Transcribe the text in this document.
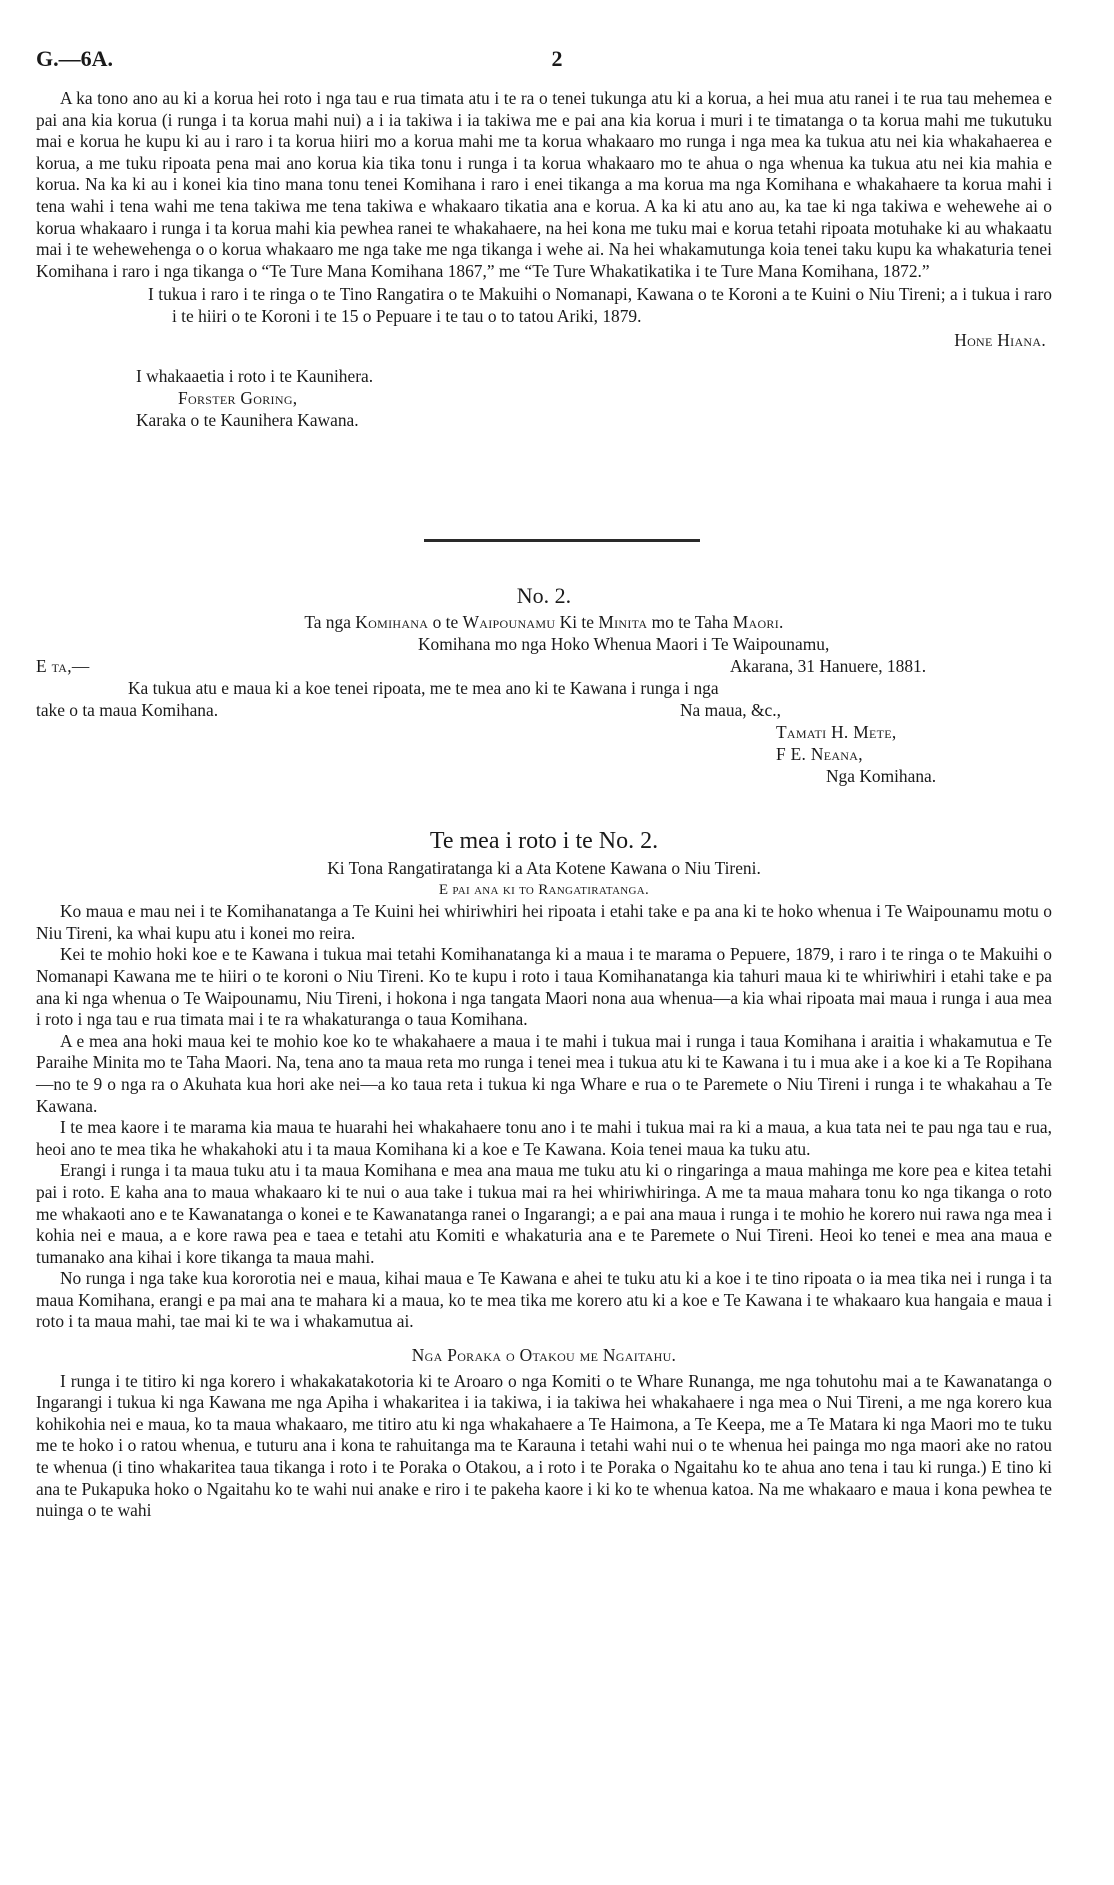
G.—6A.	2

A ka tono ano au ki a korua hei roto i nga tau e rua timata atu i te ra o tenei tukunga atu ki a korua, a hei mua atu ranei i te rua tau mehemea e pai ana kia korua (i runga i ta korua mahi nui) a i ia takiwa i ia takiwa me e pai ana kia korua i muri i te timatanga o ta korua mahi me tukutuku mai e korua he kupu ki au i raro i ta korua hiiri mo a korua mahi me ta korua whakaaro mo runga i nga mea ka tukua atu nei kia whakahaerea e korua, a me tuku ripoata pena mai ano korua kia tika tonu i runga i ta korua whakaaro mo te ahua o nga whenua ka tukua atu nei kia mahia e korua. Na ka ki au i konei kia tino mana tonu tenei Komihana i raro i enei tikanga a ma korua ma nga Komihana e whakahaere ta korua mahi i tena wahi i tena wahi me tena takiwa me tena takiwa e whakaaro tikatia ana e korua. A ka ki atu ano au, ka tae ki nga takiwa e wehewehe ai o korua whakaaro i runga i ta korua mahi kia pewhea ranei te whakahaere, na hei kona me tuku mai e korua tetahi ripoata motuhake ki au whakaatu mai i te wehewehenga o o korua whakaaro me nga take me nga tikanga i wehe ai. Na hei whakamutunga koia tenei taku kupu ka whakaturia tenei Komihana i raro i nga tikanga o “Te Ture Mana Komihana 1867,” me “Te Ture Whakatikatika i te Ture Mana Komihana, 1872.”

I tukua i raro i te ringa o te Tino Rangatira o te Makuihi o Nomanapi, Kawana o te Koroni a te Kuini o Niu Tireni; a i tukua i raro i te hiiri o te Koroni i te 15 o Pepuare i te tau o to tatou Ariki, 1879.

Hone Hiana.
I whakaaetia i roto i te Kaunihera.
Forster Goring,
Karaka o te Kaunihera Kawana.

No. 2.

Ta nga Komihana o te Waipounamu Ki te Minita mo te Taha Maori.

Komihana mo nga Hoko Whenua Maori i Te Waipounamu,
E ta,—	Akarana, 31 Hanuere, 1881.
Ka tukua atu e maua ki a koe tenei ripoata, me te mea ano ki te Kawana i runga i nga
take o ta maua Komihana.	Na maua, &c.,
Tamati H. Mete,
F E. Neana,
Nga Komihana.

Te mea i roto i te No. 2.

Ki Tona Rangatiratanga ki a Ata Kotene Kawana o Niu Tireni.

E pai ana ki to Rangatiratanga.

Ko maua e mau nei i te Komihanatanga a Te Kuini hei whiriwhiri hei ripoata i etahi take e pa ana ki te hoko whenua i Te Waipounamu motu o Niu Tireni, ka whai kupu atu i konei mo reira.

Kei te mohio hoki koe e te Kawana i tukua mai tetahi Komihanatanga ki a maua i te marama o Pepuere, 1879, i raro i te ringa o te Makuihi o Nomanapi Kawana me te hiiri o te koroni o Niu Tireni. Ko te kupu i roto i taua Komihanatanga kia tahuri maua ki te whiriwhiri i etahi take e pa ana ki nga whenua o Te Waipounamu, Niu Tireni, i hokona i nga tangata Maori nona aua whenua—a kia whai ripoata mai maua i runga i aua mea i roto i nga tau e rua timata mai i te ra whakaturanga o taua Komihana.

A e mea ana hoki maua kei te mohio koe ko te whakahaere a maua i te mahi i tukua mai i runga i taua Komihana i araitia i whakamutua e Te Paraihe Minita mo te Taha Maori. Na, tena ano ta maua reta mo runga i tenei mea i tukua atu ki te Kawana i tu i mua ake i a koe ki a Te Ropihana—no te 9 o nga ra o Akuhata kua hori ake nei—a ko taua reta i tukua ki nga Whare e rua o te Paremete o Niu Tireni i runga i te whakahau a Te Kawana.

I te mea kaore i te marama kia maua te huarahi hei whakahaere tonu ano i te mahi i tukua mai ra ki a maua, a kua tata nei te pau nga tau e rua, heoi ano te mea tika he whakahoki atu i ta maua Komihana ki a koe e Te Kawana. Koia tenei maua ka tuku atu.

Erangi i runga i ta maua tuku atu i ta maua Komihana e mea ana maua me tuku atu ki o ringaringa a maua mahinga me kore pea e kitea tetahi pai i roto. E kaha ana to maua whakaaro ki te nui o aua take i tukua mai ra hei whiriwhiringa. A me ta maua mahara tonu ko nga tikanga o roto me whakaoti ano e te Kawanatanga o konei e te Kawanatanga ranei o Ingarangi; a e pai ana maua i runga i te mohio he korero nui rawa nga mea i kohia nei e maua, a e kore rawa pea e taea e tetahi atu Komiti e whakaturia ana e te Paremete o Nui Tireni. Heoi ko tenei e mea ana maua e tumanako ana kihai i kore tikanga ta maua mahi.

No runga i nga take kua kororotia nei e maua, kihai maua e Te Kawana e ahei te tuku atu ki a koe i te tino ripoata o ia mea tika nei i runga i ta maua Komihana, erangi e pa mai ana te mahara ki a maua, ko te mea tika me korero atu ki a koe e Te Kawana i te whakaaro kua hangaia e maua i roto i ta maua mahi, tae mai ki te wa i whakamutua ai.

Nga Poraka o Otakou me Ngaitahu.

I runga i te titiro ki nga korero i whakakatakotoria ki te Aroaro o nga Komiti o te Whare Runanga, me nga tohutohu mai a te Kawanatanga o Ingarangi i tukua ki nga Kawana me nga Apiha i whakaritea i ia takiwa, i ia takiwa hei whakahaere i nga mea o Nui Tireni, a me nga korero kua kohikohia nei e maua, ko ta maua whakaaro, me titiro atu ki nga whakahaere a Te Haimona, a Te Keepa, me a Te Matara ki nga Maori mo te tuku me te hoko i o ratou whenua, e tuturu ana i kona te rahuitanga ma te Karauna i tetahi wahi nui o te whenua hei painga mo nga maori ake no ratou te whenua (i tino whakaritea taua tikanga i roto i te Poraka o Otakou, a i roto i te Poraka o Ngaitahu ko te ahua ano tena i tau ki runga.) E tino ki ana te Pukapuka hoko o Ngaitahu ko te wahi nui anake e riro i te pakeha kaore i ki ko te whenua katoa. Na me whakaaro e maua i kona pewhea te nuinga o te wahi
